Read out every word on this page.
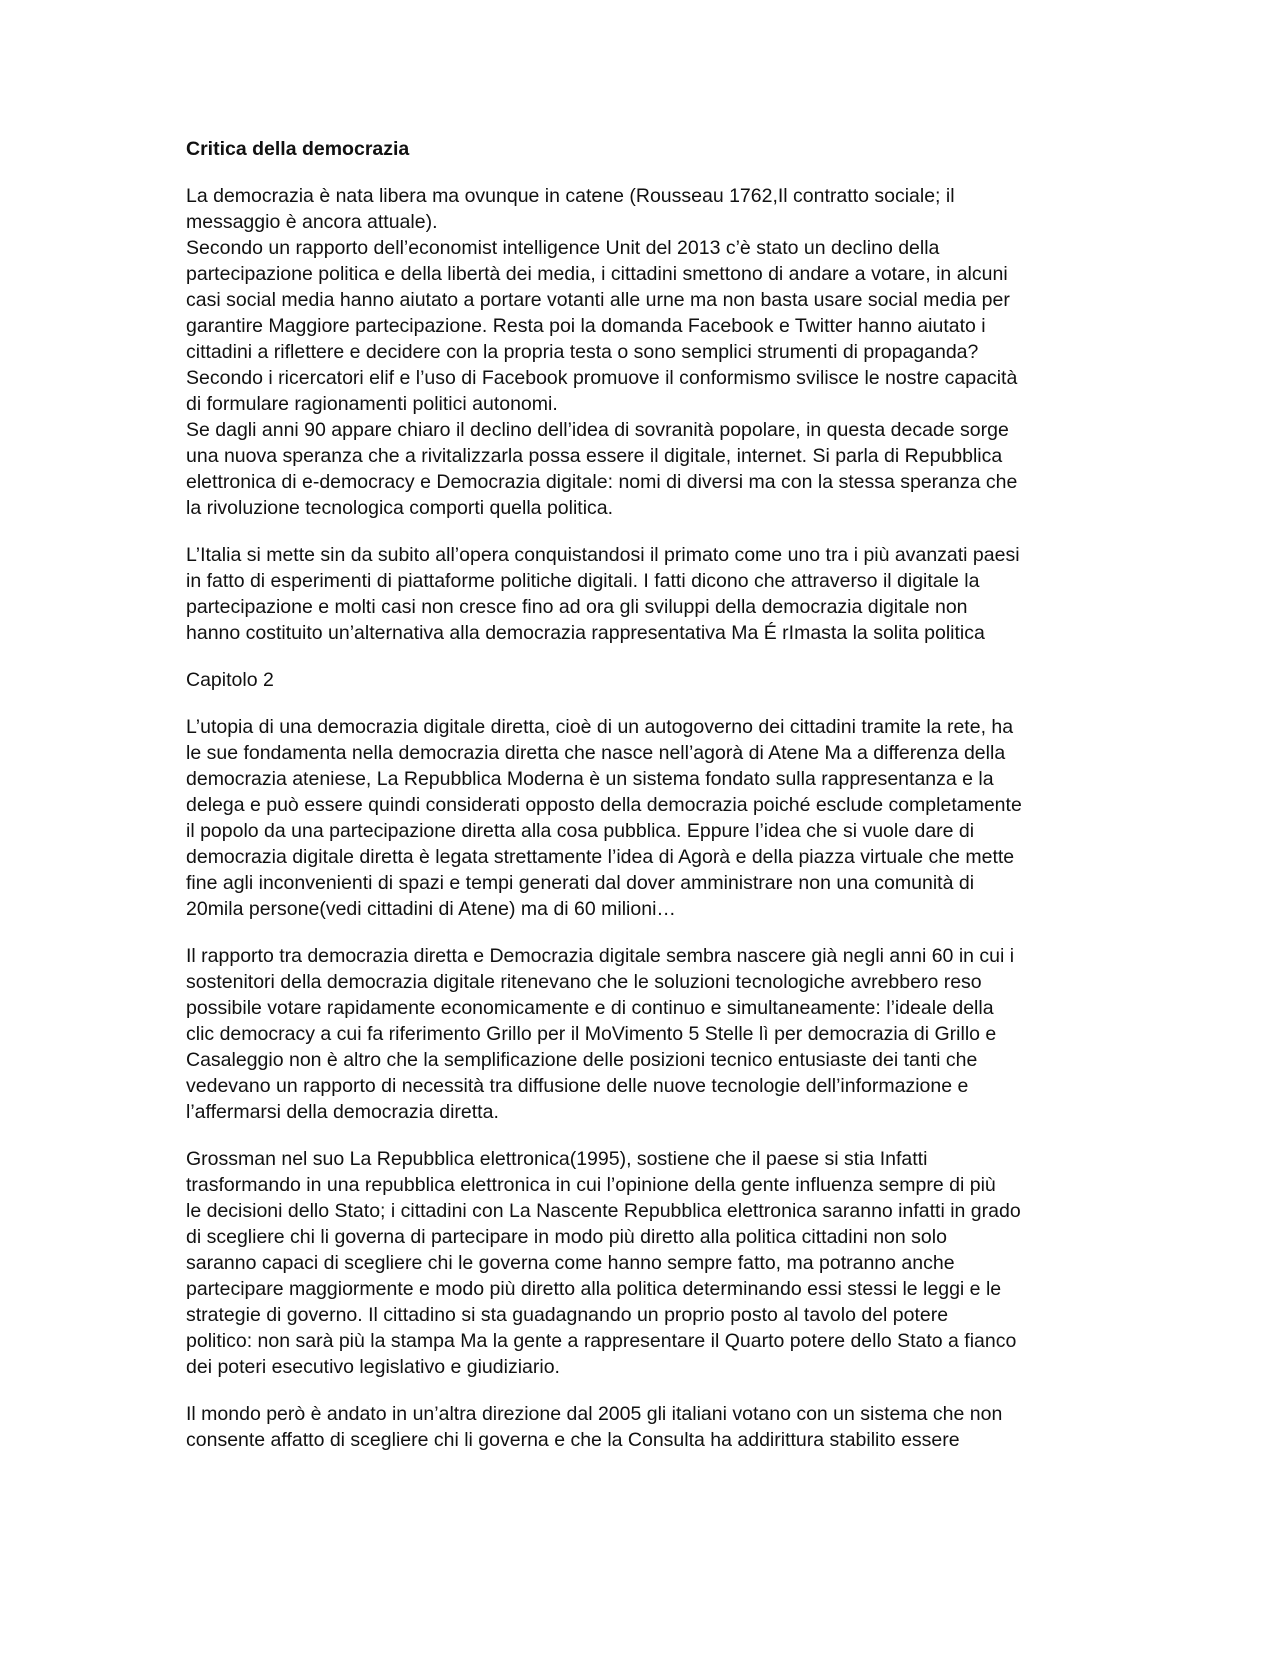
Critica della democrazia
La democrazia è nata libera ma ovunque in catene (Rousseau 1762,Il contratto sociale; il
messaggio è ancora attuale).
Secondo un rapporto dell’economist intelligence Unit del 2013 c’è stato un declino della
partecipazione politica e della libertà dei media, i cittadini smettono di andare a votare, in alcuni
casi social media hanno aiutato a portare votanti alle urne ma non basta usare social media per
garantire Maggiore partecipazione. Resta poi la domanda Facebook e Twitter hanno aiutato i
cittadini a riflettere e decidere con la propria testa o sono semplici strumenti di propaganda?
Secondo i ricercatori elif e l’uso di Facebook promuove il conformismo svilisce le nostre capacità
di formulare ragionamenti politici autonomi.
Se dagli anni 90 appare chiaro il declino dell’idea di sovranità popolare, in questa decade sorge
una nuova speranza che a rivitalizzarla possa essere il digitale, internet. Si parla di Repubblica
elettronica di e-democracy e Democrazia digitale: nomi di diversi ma con la stessa speranza che
la rivoluzione tecnologica comporti quella politica.
L’Italia si mette sin da subito all’opera conquistandosi il primato come uno tra i più avanzati paesi
in fatto di esperimenti di piattaforme politiche digitali. I fatti dicono che attraverso il digitale la
partecipazione e molti casi non cresce fino ad ora gli sviluppi della democrazia digitale non
hanno costituito un’alternativa alla democrazia rappresentativa Ma É rImasta la solita politica
Capitolo 2
L’utopia di una democrazia digitale diretta, cioè di un autogoverno dei cittadini tramite la rete, ha
le sue fondamenta nella democrazia diretta che nasce nell’agorà di Atene Ma a differenza della
democrazia ateniese, La Repubblica Moderna è un sistema fondato sulla rappresentanza e la
delega e può essere quindi considerati opposto della democrazia poiché esclude completamente
il popolo da una partecipazione diretta alla cosa pubblica. Eppure l’idea che si vuole dare di
democrazia digitale diretta è legata strettamente l’idea di Agorà e della piazza virtuale che mette
fine agli inconvenienti di spazi e tempi generati dal dover amministrare non una comunità di
20mila persone(vedi cittadini di Atene) ma di 60 milioni…
Il rapporto tra democrazia diretta e Democrazia digitale sembra nascere già negli anni 60 in cui i
sostenitori della democrazia digitale ritenevano che le soluzioni tecnologiche avrebbero reso
possibile votare rapidamente economicamente e di continuo e simultaneamente: l’ideale della
clic democracy a cui fa riferimento Grillo per il MoVimento 5 Stelle lì per democrazia di Grillo e
Casaleggio non è altro che la semplificazione delle posizioni tecnico entusiaste dei tanti che
vedevano un rapporto di necessità tra diffusione delle nuove tecnologie dell’informazione e
l’affermarsi della democrazia diretta.
Grossman nel suo La Repubblica elettronica(1995), sostiene che il paese si stia Infatti
trasformando in una repubblica elettronica in cui l’opinione della gente influenza sempre di più
le decisioni dello Stato; i cittadini con La Nascente Repubblica elettronica saranno infatti in grado
di scegliere chi li governa di partecipare in modo più diretto alla politica cittadini non solo
saranno capaci di scegliere chi le governa come hanno sempre fatto, ma potranno anche
partecipare maggiormente e modo più diretto alla politica determinando essi stessi le leggi e le
strategie di governo. Il cittadino si sta guadagnando un proprio posto al tavolo del potere
politico: non sarà più la stampa Ma la gente a rappresentare il Quarto potere dello Stato a fianco
dei poteri esecutivo legislativo e giudiziario.
Il mondo però è andato in un’altra direzione dal 2005 gli italiani votano con un sistema che non
consente affatto di scegliere chi li governa e che la Consulta ha addirittura stabilito essere
